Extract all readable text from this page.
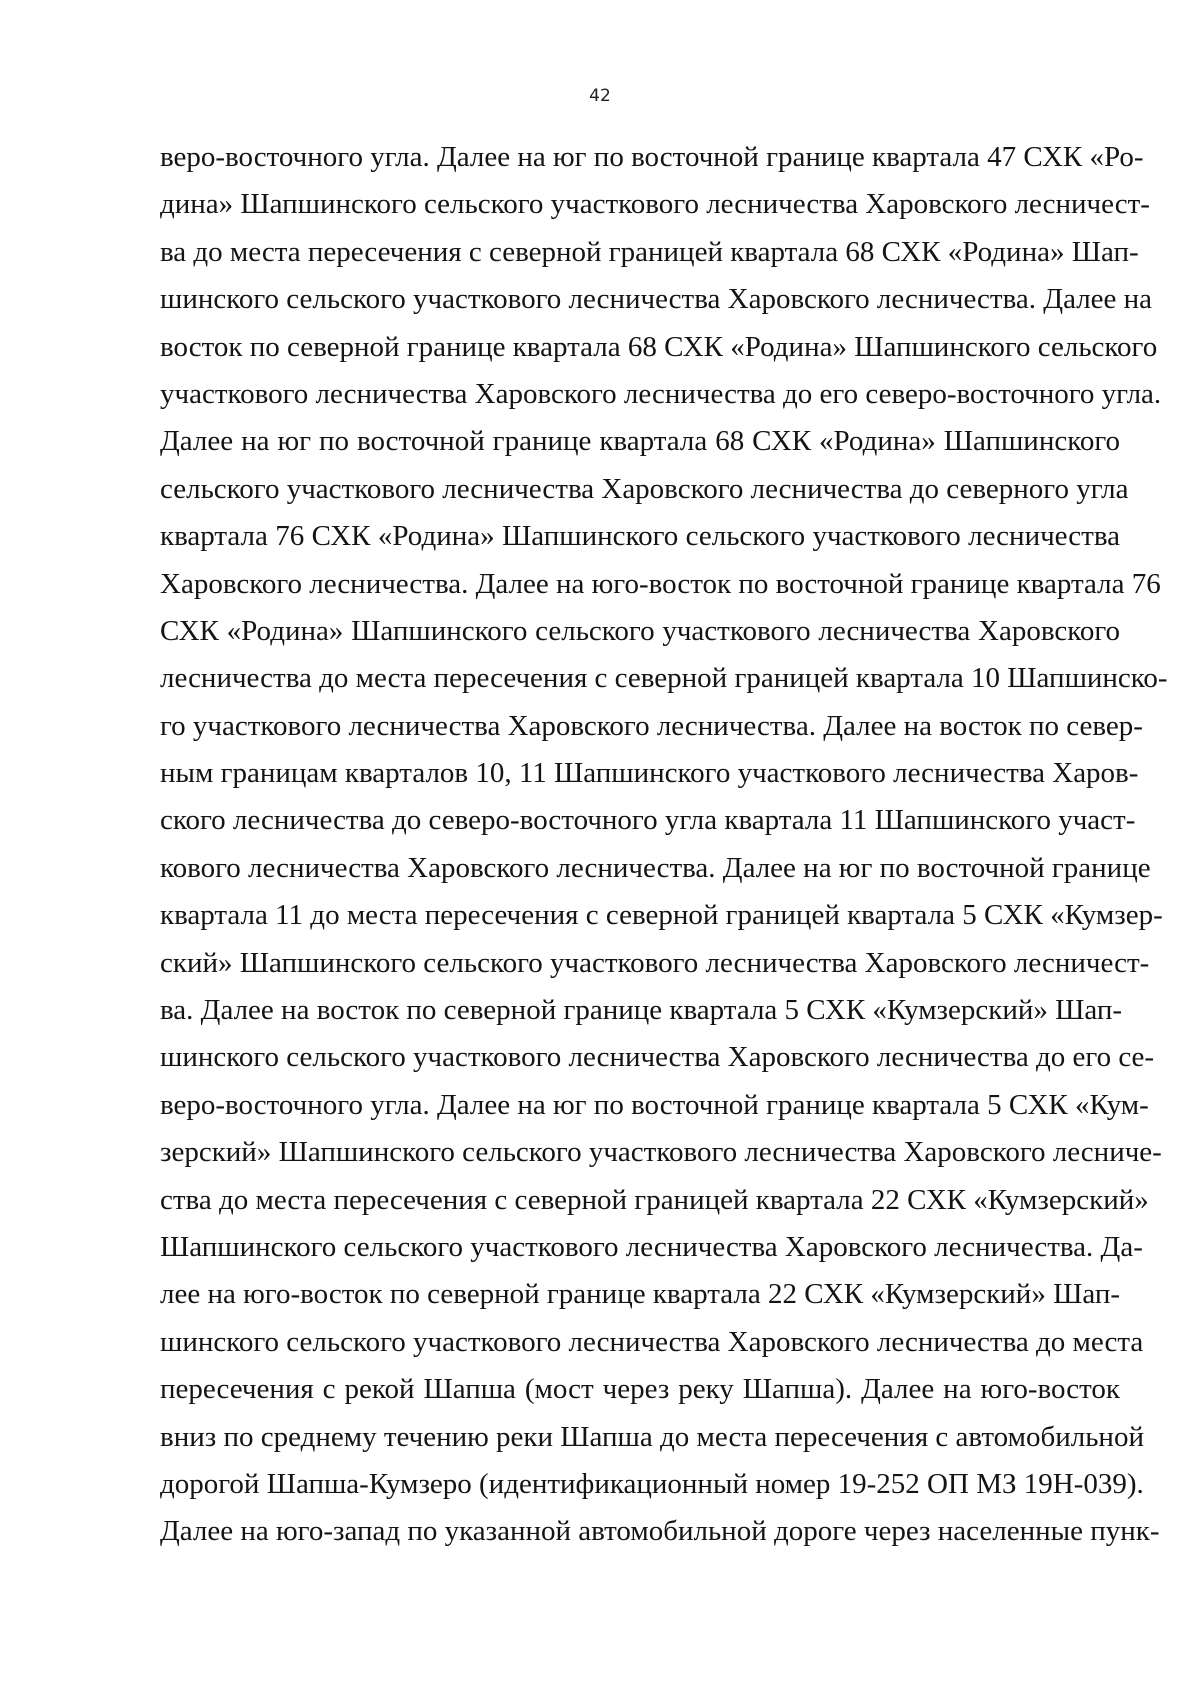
42

веро-восточного угла. Далее на юг по восточной границе квартала 47 СХК «Ро-
дина» Шапшинского сельского участкового лесничества Харовского лесничест-
ва до места пересечения с северной границей квартала 68 СХК «Родина» Шап-
шинского сельского участкового лесничества Харовского лесничества. Далее на
восток по северной границе квартала 68 СХК «Родина» Шапшинского сельского
участкового лесничества Харовского лесничества до его северо-восточного угла.
Далее на юг по восточной границе квартала 68 СХК «Родина» Шапшинского
сельского участкового лесничества Харовского лесничества до северного угла
квартала 76 СХК «Родина» Шапшинского сельского участкового лесничества
Харовского лесничества. Далее на юго-восток по восточной границе квартала 76
СХК «Родина» Шапшинского сельского участкового лесничества Харовского
лесничества до места пересечения с северной границей квартала 10 Шапшинско-
го участкового лесничества Харовского лесничества. Далее на восток по север-
ным границам кварталов 10, 11 Шапшинского участкового лесничества Харов-
ского лесничества до северо-восточного угла квартала 11 Шапшинского участ-
кового лесничества Харовского лесничества. Далее на юг по восточной границе
квартала 11 до места пересечения с северной границей квартала 5 СХК «Кумзер-
ский» Шапшинского сельского участкового лесничества Харовского лесничест-
ва. Далее на восток по северной границе квартала 5 СХК «Кумзерский» Шап-
шинского сельского участкового лесничества Харовского лесничества до его се-
веро-восточного угла. Далее на юг по восточной границе квартала 5 СХК «Кум-
зерский» Шапшинского сельского участкового лесничества Харовского лесниче-
ства до места пересечения с северной границей квартала 22 СХК «Кумзерский»
Шапшинского сельского участкового лесничества Харовского лесничества. Да-
лее на юго-восток по северной границе квартала 22 СХК «Кумзерский» Шап-
шинского сельского участкового лесничества Харовского лесничества до места
пересечения с рекой Шапша (мост через реку Шапша). Далее на юго-восток
вниз по среднему течению реки Шапша до места пересечения с автомобильной
дорогой Шапша-Кумзеро (идентификационный номер 19-252 ОП МЗ 19Н-039).
Далее на юго-запад по указанной автомобильной дороге через населенные пунк-
